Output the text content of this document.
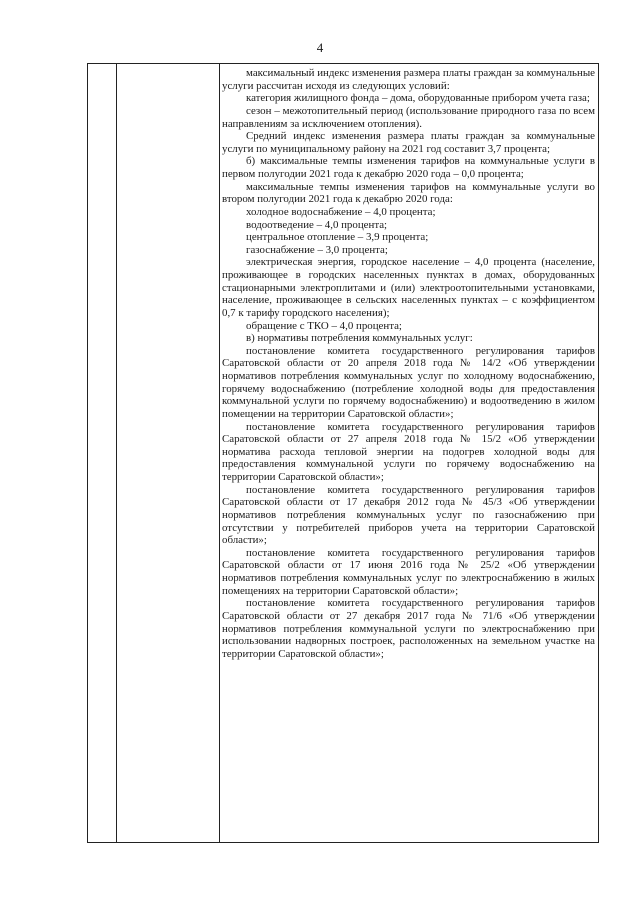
4

максимальный индекс изменения размера платы граждан за коммунальные услуги рассчитан исходя из следующих условий:

категория жилищного фонда – дома, оборудованные прибором учета газа;

сезон – межотопительный период (использование природного газа по всем направлениям за исключением отопления).

Средний индекс изменения размера платы граждан за коммунальные услуги по муниципальному району на 2021 год составит 3,7 процента;

б) максимальные темпы изменения тарифов на коммунальные услуги в первом полугодии 2021 года к декабрю 2020 года – 0,0 процента;

максимальные темпы изменения тарифов на коммунальные услуги во втором полугодии 2021 года к декабрю 2020 года:

холодное водоснабжение – 4,0 процента;

водоотведение – 4,0 процента;

центральное отопление – 3,9 процента;

газоснабжение – 3,0 процента;

электрическая энергия, городское население – 4,0 процента (население, проживающее в городских населенных пунктах в домах, оборудованных стационарными электроплитами и (или) электроотопительными установками, население, проживающее в сельских населенных пунктах – с коэффициентом 0,7 к тарифу городского населения);

обращение с ТКО – 4,0 процента;

в) нормативы потребления коммунальных услуг:

постановление комитета государственного регулирования тарифов Саратовской области от 20 апреля 2018 года № 14/2 «Об утверждении нормативов потребления коммунальных услуг по холодному водоснабжению, горячему водоснабжению (потребление холодной воды для предоставления коммунальной услуги по горячему водоснабжению) и водоотведению в жилом помещении на территории Саратовской области»;

постановление комитета государственного регулирования тарифов Саратовской области от 27 апреля 2018 года № 15/2 «Об утверждении норматива расхода тепловой энергии на подогрев холодной воды для предоставления коммунальной услуги по горячему водоснабжению на территории Саратовской области»;

постановление комитета государственного регулирования тарифов Саратовской области от 17 декабря 2012 года № 45/3 «Об утверждении нормативов потребления коммунальных услуг по газоснабжению при отсутствии у потребителей приборов учета на территории Саратовской области»;

постановление комитета государственного регулирования тарифов Саратовской области от 17 июня 2016 года № 25/2 «Об утверждении нормативов потребления коммунальных услуг по электроснабжению в жилых помещениях на территории Саратовской области»;

постановление комитета государственного регулирования тарифов Саратовской области от 27 декабря 2017 года № 71/6 «Об утверждении нормативов потребления коммунальной услуги по электроснабжению при использовании надворных построек, расположенных на земельном участке на территории Саратовской области»;
